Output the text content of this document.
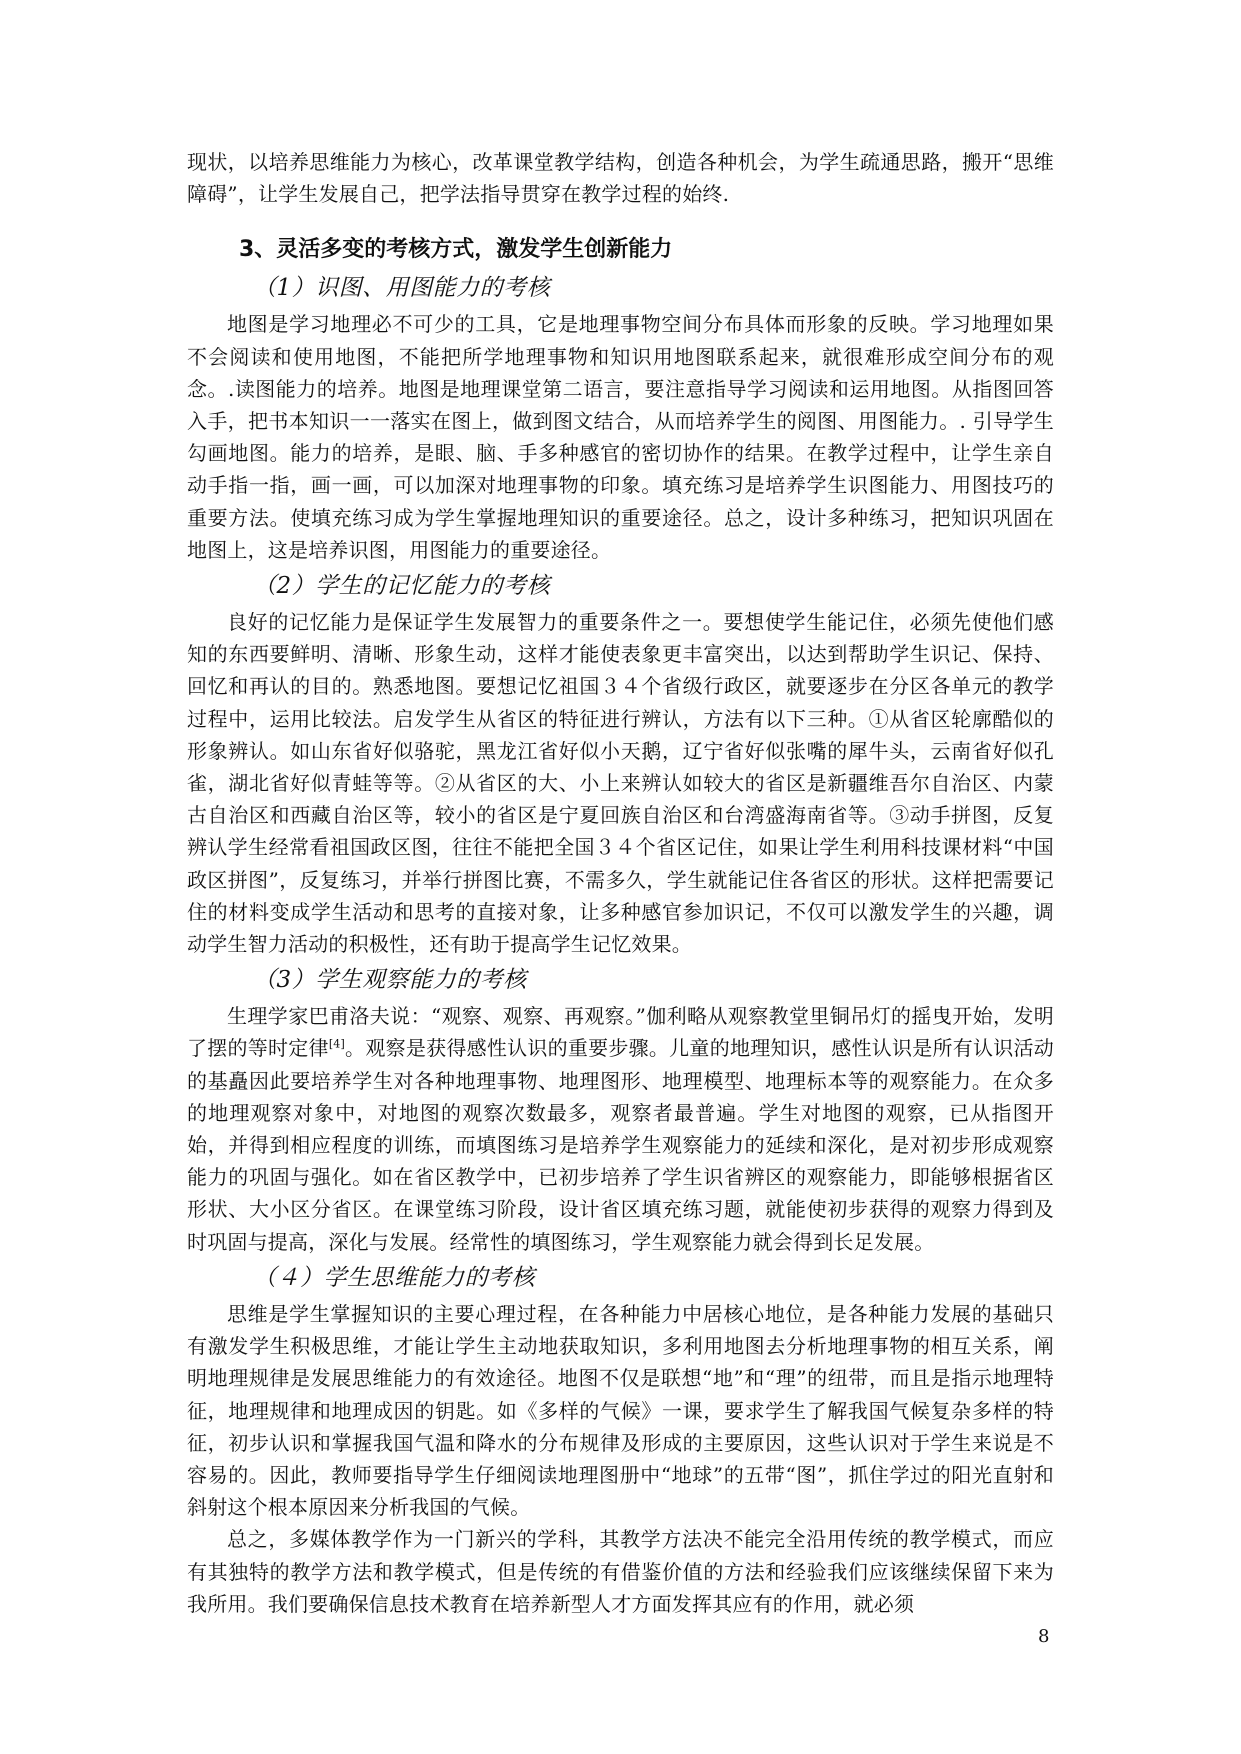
现状，以培养思维能力为核心，改革课堂教学结构，创造各种机会，为学生疏通思路，搬开“思维障碍”，让学生发展自己，把学法指导贯穿在教学过程的始终.

3、灵活多变的考核方式，激发学生创新能力
（1）识图、用图能力的考核

地图是学习地理必不可少的工具，它是地理事物空间分布具体而形象的反映。学习地理如果不会阅读和使用地图，不能把所学地理事物和知识用地图联系起来，就很难形成空间分布的观念。.读图能力的培养。地图是地理课堂第二语言，要注意指导学习阅读和运用地图。从指图回答入手，把书本知识一一落实在图上，做到图文结合，从而培养学生的阅图、用图能力。. 引导学生勾画地图。能力的培养，是眼、脑、手多种感官的密切协作的结果。在教学过程中，让学生亲自动手指一指，画一画，可以加深对地理事物的印象。填充练习是培养学生识图能力、用图技巧的重要方法。使填充练习成为学生掌握地理知识的重要途径。总之，设计多种练习，把知识巩固在地图上，这是培养识图，用图能力的重要途径。

（2）学生的记忆能力的考核

良好的记忆能力是保证学生发展智力的重要条件之一。要想使学生能记住，必须先使他们感知的东西要鲜明、清晰、形象生动，这样才能使表象更丰富突出，以达到帮助学生识记、保持、回忆和再认的目的。熟悉地图。要想记忆祖国３４个省级行政区，就要逐步在分区各单元的教学过程中，运用比较法。启发学生从省区的特征进行辨认，方法有以下三种。①从省区轮廓酷似的形象辨认。如山东省好似骆驼，黑龙江省好似小天鹅，辽宁省好似张嘴的犀牛头，云南省好似孔雀，湖北省好似青蛙等等。②从省区的大、小上来辨认如较大的省区是新疆维吾尔自治区、内蒙古自治区和西藏自治区等，较小的省区是宁夏回族自治区和台湾盛海南省等。③动手拼图，反复辨认学生经常看祖国政区图，往往不能把全国３４个省区记住，如果让学生利用科技课材料“中国政区拼图”，反复练习，并举行拼图比赛，不需多久，学生就能记住各省区的形状。这样把需要记住的材料变成学生活动和思考的直接对象，让多种感官参加识记，不仅可以激发学生的兴趣，调动学生智力活动的积极性，还有助于提高学生记忆效果。

（3）学生观察能力的考核

生理学家巴甫洛夫说：“观察、观察、再观察。”伽利略从观察教堂里铜吊灯的摇曳开始，发明了摆的等时定律[4]。观察是获得感性认识的重要步骤。儿童的地理知识，感性认识是所有认识活动的基矗因此要培养学生对各种地理事物、地理图形、地理模型、地理标本等的观察能力。在众多的地理观察对象中，对地图的观察次数最多，观察者最普遍。学生对地图的观察，已从指图开始，并得到相应程度的训练，而填图练习是培养学生观察能力的延续和深化，是对初步形成观察能力的巩固与强化。如在省区教学中，已初步培养了学生识省辨区的观察能力，即能够根据省区形状、大小区分省区。在课堂练习阶段，设计省区填充练习题，就能使初步获得的观察力得到及时巩固与提高，深化与发展。经常性的填图练习，学生观察能力就会得到长足发展。

（４）学生思维能力的考核

思维是学生掌握知识的主要心理过程，在各种能力中居核心地位，是各种能力发展的基础只有激发学生积极思维，才能让学生主动地获取知识，多利用地图去分析地理事物的相互关系，阐明地理规律是发展思维能力的有效途径。地图不仅是联想“地”和“理”的纽带，而且是指示地理特征，地理规律和地理成因的钥匙。如《多样的气候》一课，要求学生了解我国气候复杂多样的特征，初步认识和掌握我国气温和降水的分布规律及形成的主要原因，这些认识对于学生来说是不容易的。因此，教师要指导学生仔细阅读地理图册中“地球”的五带“图”，抓住学过的阳光直射和斜射这个根本原因来分析我国的气候。

总之，多媒体教学作为一门新兴的学科，其教学方法决不能完全沿用传统的教学模式，而应有其独特的教学方法和教学模式，但是传统的有借鉴价值的方法和经验我们应该继续保留下来为我所用。我们要确保信息技术教育在培养新型人才方面发挥其应有的作用，就必须

8
